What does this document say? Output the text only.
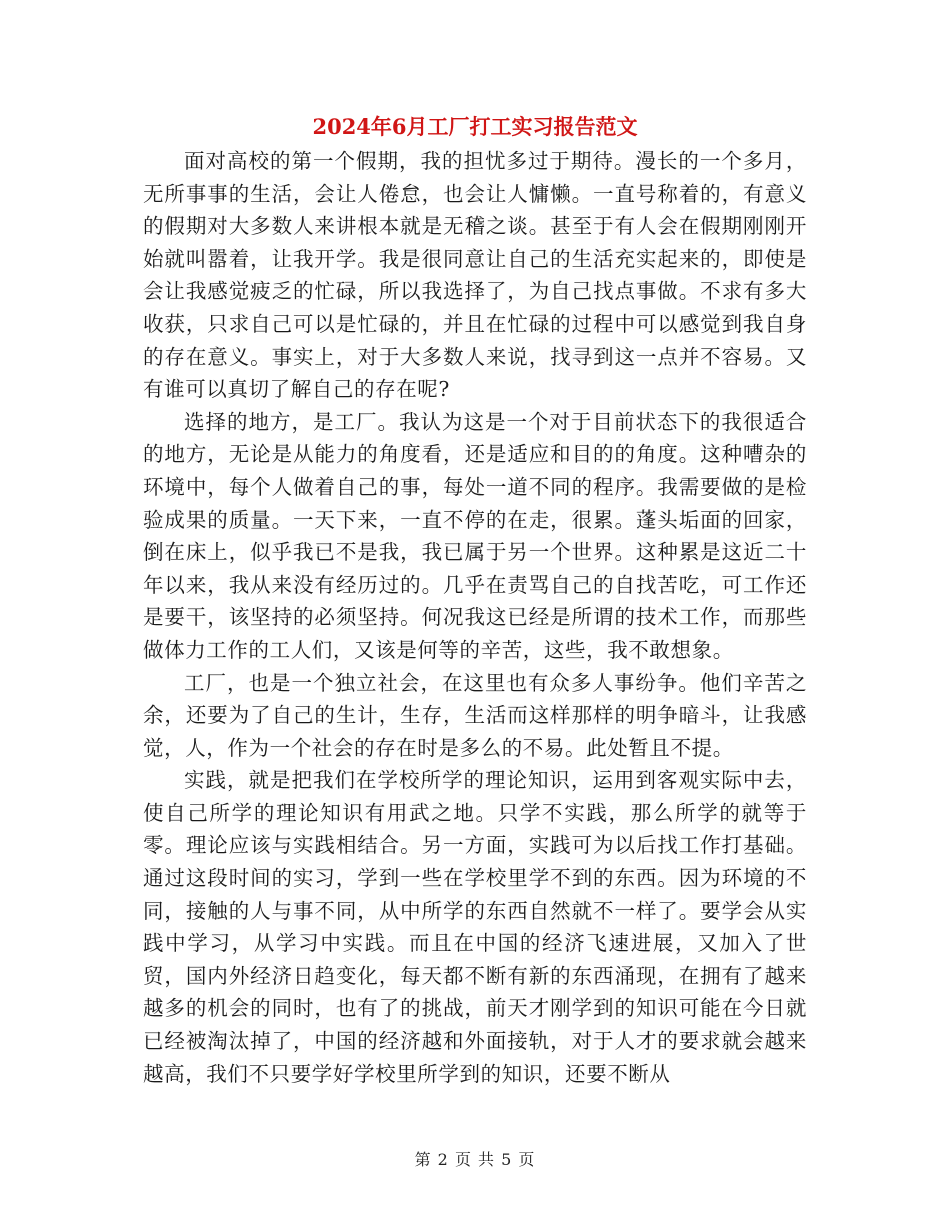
2024年6月工厂打工实习报告范文

面对高校的第一个假期，我的担忧多过于期待。漫长的一个多月，无所事事的生活，会让人倦怠，也会让人慵懒。一直号称着的，有意义的假期对大多数人来讲根本就是无稽之谈。甚至于有人会在假期刚刚开始就叫嚣着，让我开学。我是很同意让自己的生活充实起来的，即使是会让我感觉疲乏的忙碌，所以我选择了，为自己找点事做。不求有多大收获，只求自己可以是忙碌的，并且在忙碌的过程中可以感觉到我自身的存在意义。事实上，对于大多数人来说，找寻到这一点并不容易。又有谁可以真切了解自己的存在呢?

选择的地方，是工厂。我认为这是一个对于目前状态下的我很适合的地方，无论是从能力的角度看，还是适应和目的的角度。这种嘈杂的环境中，每个人做着自己的事，每处一道不同的程序。我需要做的是检验成果的质量。一天下来，一直不停的在走，很累。蓬头垢面的回家，倒在床上，似乎我已不是我，我已属于另一个世界。这种累是这近二十年以来，我从来没有经历过的。几乎在责骂自己的自找苦吃，可工作还是要干，该坚持的必须坚持。何况我这已经是所谓的技术工作，而那些做体力工作的工人们，又该是何等的辛苦，这些，我不敢想象。

工厂，也是一个独立社会，在这里也有众多人事纷争。他们辛苦之余，还要为了自己的生计，生存，生活而这样那样的明争暗斗，让我感觉，人，作为一个社会的存在时是多么的不易。此处暂且不提。

实践，就是把我们在学校所学的理论知识，运用到客观实际中去，使自己所学的理论知识有用武之地。只学不实践，那么所学的就等于零。理论应该与实践相结合。另一方面，实践可为以后找工作打基础。通过这段时间的实习，学到一些在学校里学不到的东西。因为环境的不同，接触的人与事不同，从中所学的东西自然就不一样了。要学会从实践中学习，从学习中实践。而且在中国的经济飞速进展，又加入了世贸，国内外经济日趋变化，每天都不断有新的东西涌现，在拥有了越来越多的机会的同时，也有了的挑战，前天才刚学到的知识可能在今日就已经被淘汰掉了，中国的经济越和外面接轨，对于人才的要求就会越来越高，我们不只要学好学校里所学到的知识，还要不断从

第 2 页 共 5 页
